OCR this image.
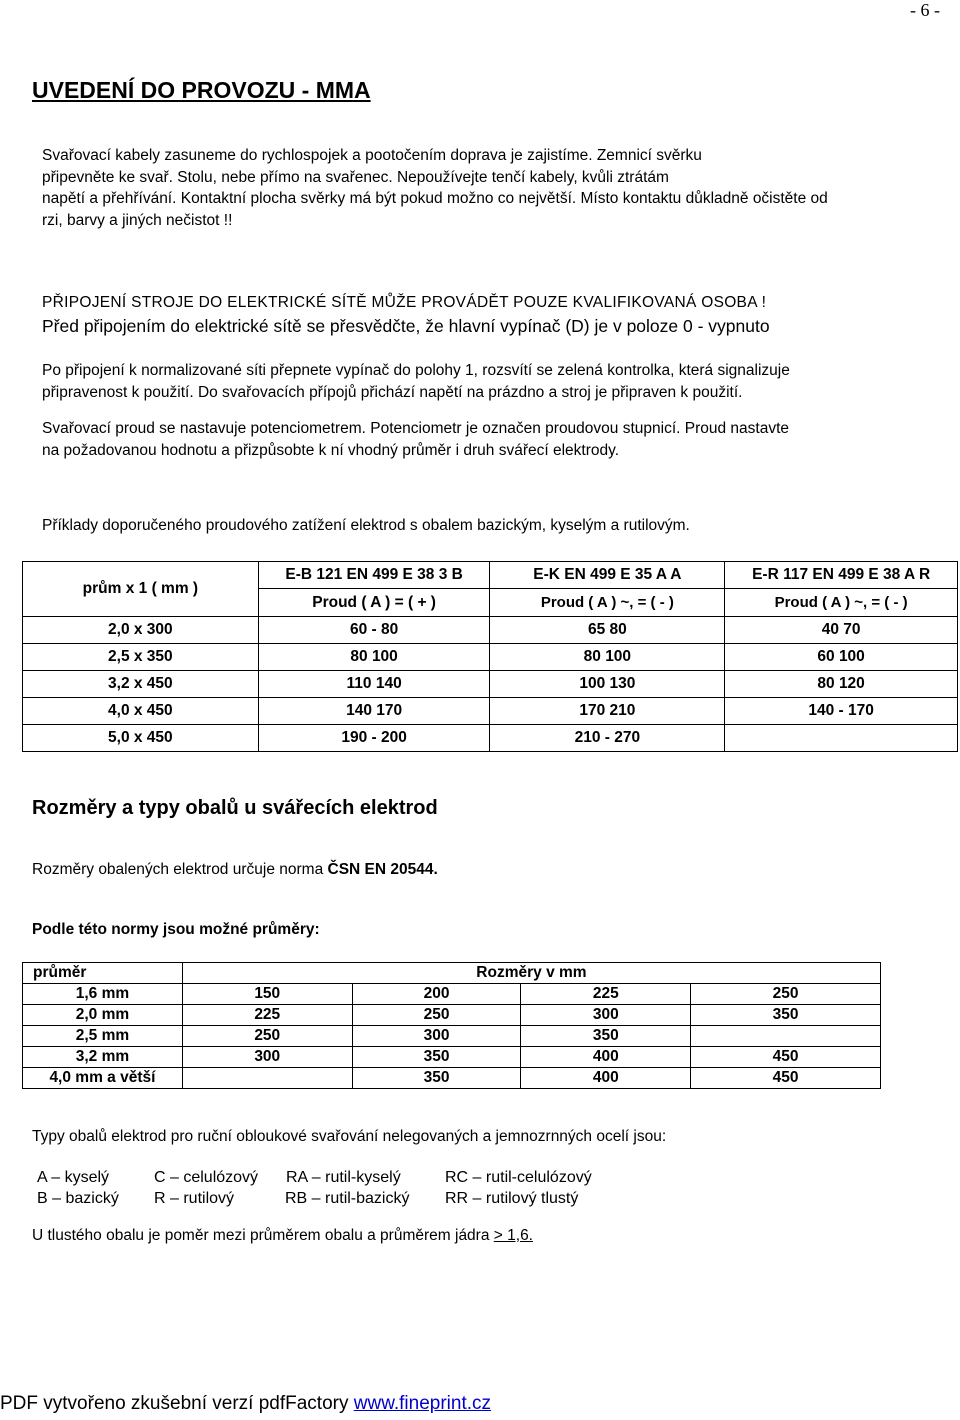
- 6 -
UVEDENÍ DO PROVOZU - MMA
Svařovací kabely zasuneme do rychlospojek a pootočením doprava je zajistíme. Zemnicí svěrku
připevněte ke svař. Stolu, nebe přímo na svařenec. Nepoužívejte tenčí kabely, kvůli ztrátám
napětí a přehřívání. Kontaktní plocha svěrky má být pokud možno co největší. Místo kontaktu důkladně očistěte od
rzi, barvy a jiných nečistot !!
PŘIPOJENÍ STROJE DO ELEKTRICKÉ SÍTĚ MŮŽE PROVÁDĚT POUZE KVALIFIKOVANÁ OSOBA !
Před připojením do elektrické sítě se přesvědčte, že hlavní vypínač (D) je v poloze 0 - vypnuto
Po připojení k normalizované síti přepnete vypínač do polohy 1, rozsvítí se zelená kontrolka, která signalizuje
připravenost k použití. Do svařovacích přípojů přichází napětí na prázdno a stroj je připraven k použití.
Svařovací proud se nastavuje potenciometrem. Potenciometr je označen proudovou stupnicí. Proud nastavte
na požadovanou hodnotu a přizpůsobte k ní vhodný průměr i druh svářecí elektrody.
Příklady doporučeného proudového zatížení elektrod s obalem bazickým, kyselým a rutilovým.
prům x 1 ( mm )	E-B 121 EN 499 E 38 3 B	E-K EN 499 E 35 A A	E-R 117 EN 499 E 38 A R
	Proud ( A ) = ( + )	Proud ( A ) ~, = ( - )	Proud ( A ) ~, = ( - )
2,0 x 300	60 - 80	65 80	40 70
2,5 x 350	80 100	80 100	60 100
3,2 x 450	110 140	100 130	80 120
4,0 x 450	140 170	170 210	140 - 170
5,0 x 450	190 - 200	210 - 270	
Rozměry a typy obalů u svářecích elektrod
Rozměry obalených elektrod určuje norma ČSN EN 20544.
Podle této normy jsou možné průměry:
průměr	Rozměry v mm			
1,6 mm	150	200	225	250
2,0 mm	225	250	300	350
2,5 mm	250	300	350	
3,2 mm	300	350	400	450
4,0 mm a větší		350	400	450
Typy obalů elektrod pro ruční obloukové svařování nelegovaných a jemnozrnných ocelí jsou:
A – kyselý	C – celulózový RA – rutil-kyselý	RC – rutil-celulózový
B – bazický R – rutilový	RB – rutil-bazický RR – rutilový tlustý
U tlustého obalu je poměr mezi průměrem obalu a průměrem jádra > 1,6.
PDF vytvořeno zkušební verzí pdfFactory www.fineprint.cz
